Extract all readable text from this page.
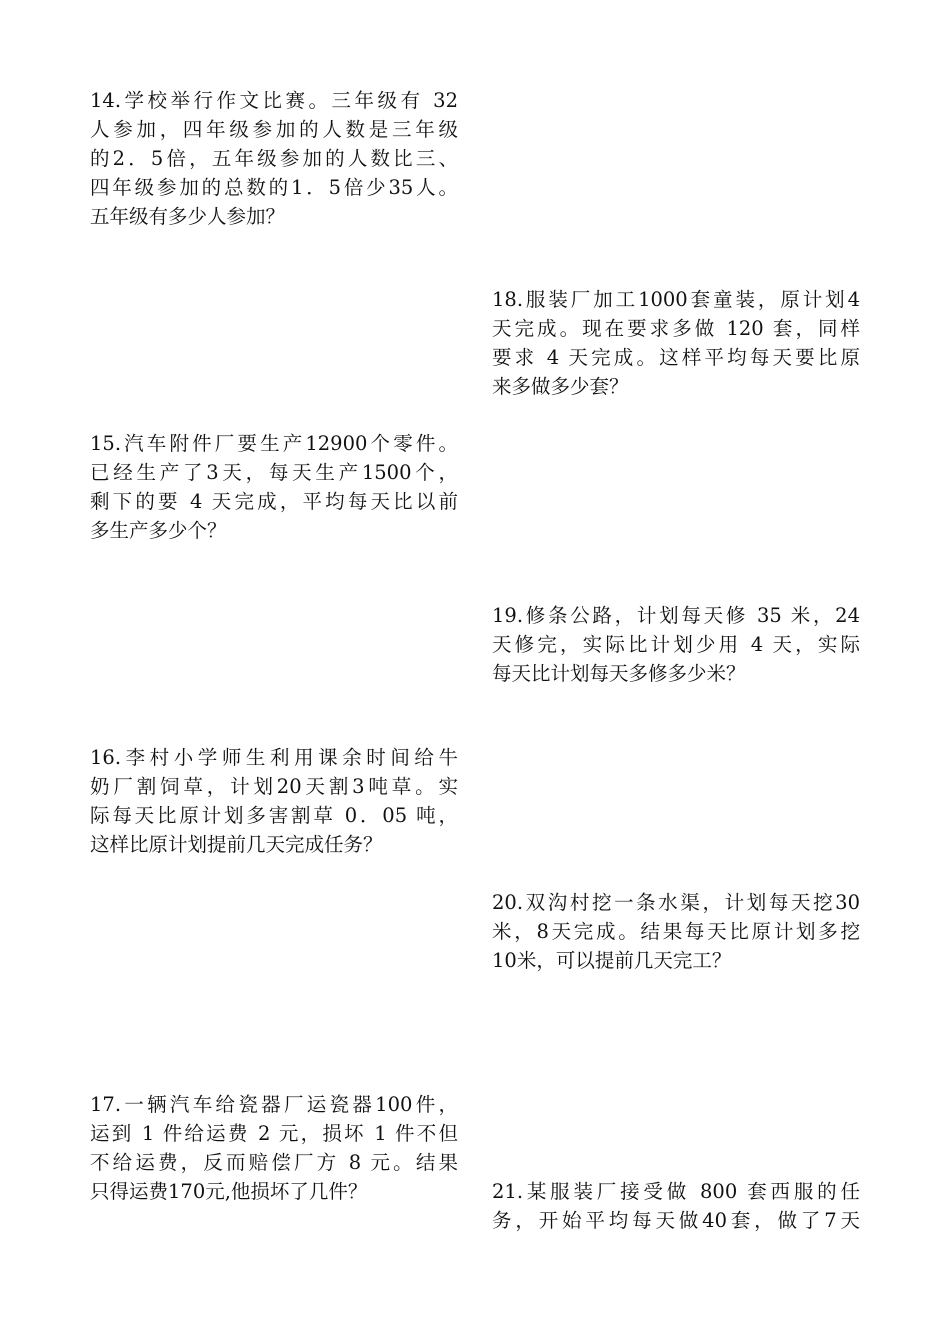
14.学校举行作文比赛。三年级有 32
人参加，四年级参加的人数是三年级
的2．5倍，五年级参加的人数比三、
四年级参加的总数的1．5倍少35人。
五年级有多少人参加？
15.汽车附件厂要生产12900个零件。
已经生产了3天，每天生产1500个，
剩下的要 4 天完成，平均每天比以前
多生产多少个？
16.李村小学师生利用课余时间给牛
奶厂割饲草，计划20天割3吨草。实
际每天比原计划多害割草 0．05 吨，
这样比原计划提前几天完成任务？
17.一辆汽车给瓷器厂运瓷器100件，
运到 1 件给运费 2 元，损坏 1 件不但
不给运费，反而赔偿厂方 8 元。结果
只得运费170元,他损坏了几件？
18.服装厂加工1000套童装，原计划4
天完成。现在要求多做 120 套，同样
要求 4 天完成。这样平均每天要比原
来多做多少套？
19.修条公路，计划每天修 35 米，24
天修完，实际比计划少用 4 天，实际
每天比计划每天多修多少米？
20.双沟村挖一条水渠，计划每天挖30
米，8天完成。结果每天比原计划多挖
10米，可以提前几天完工？
21.某服装厂接受做 800 套西服的任
务，开始平均每天做40套，做了7天
